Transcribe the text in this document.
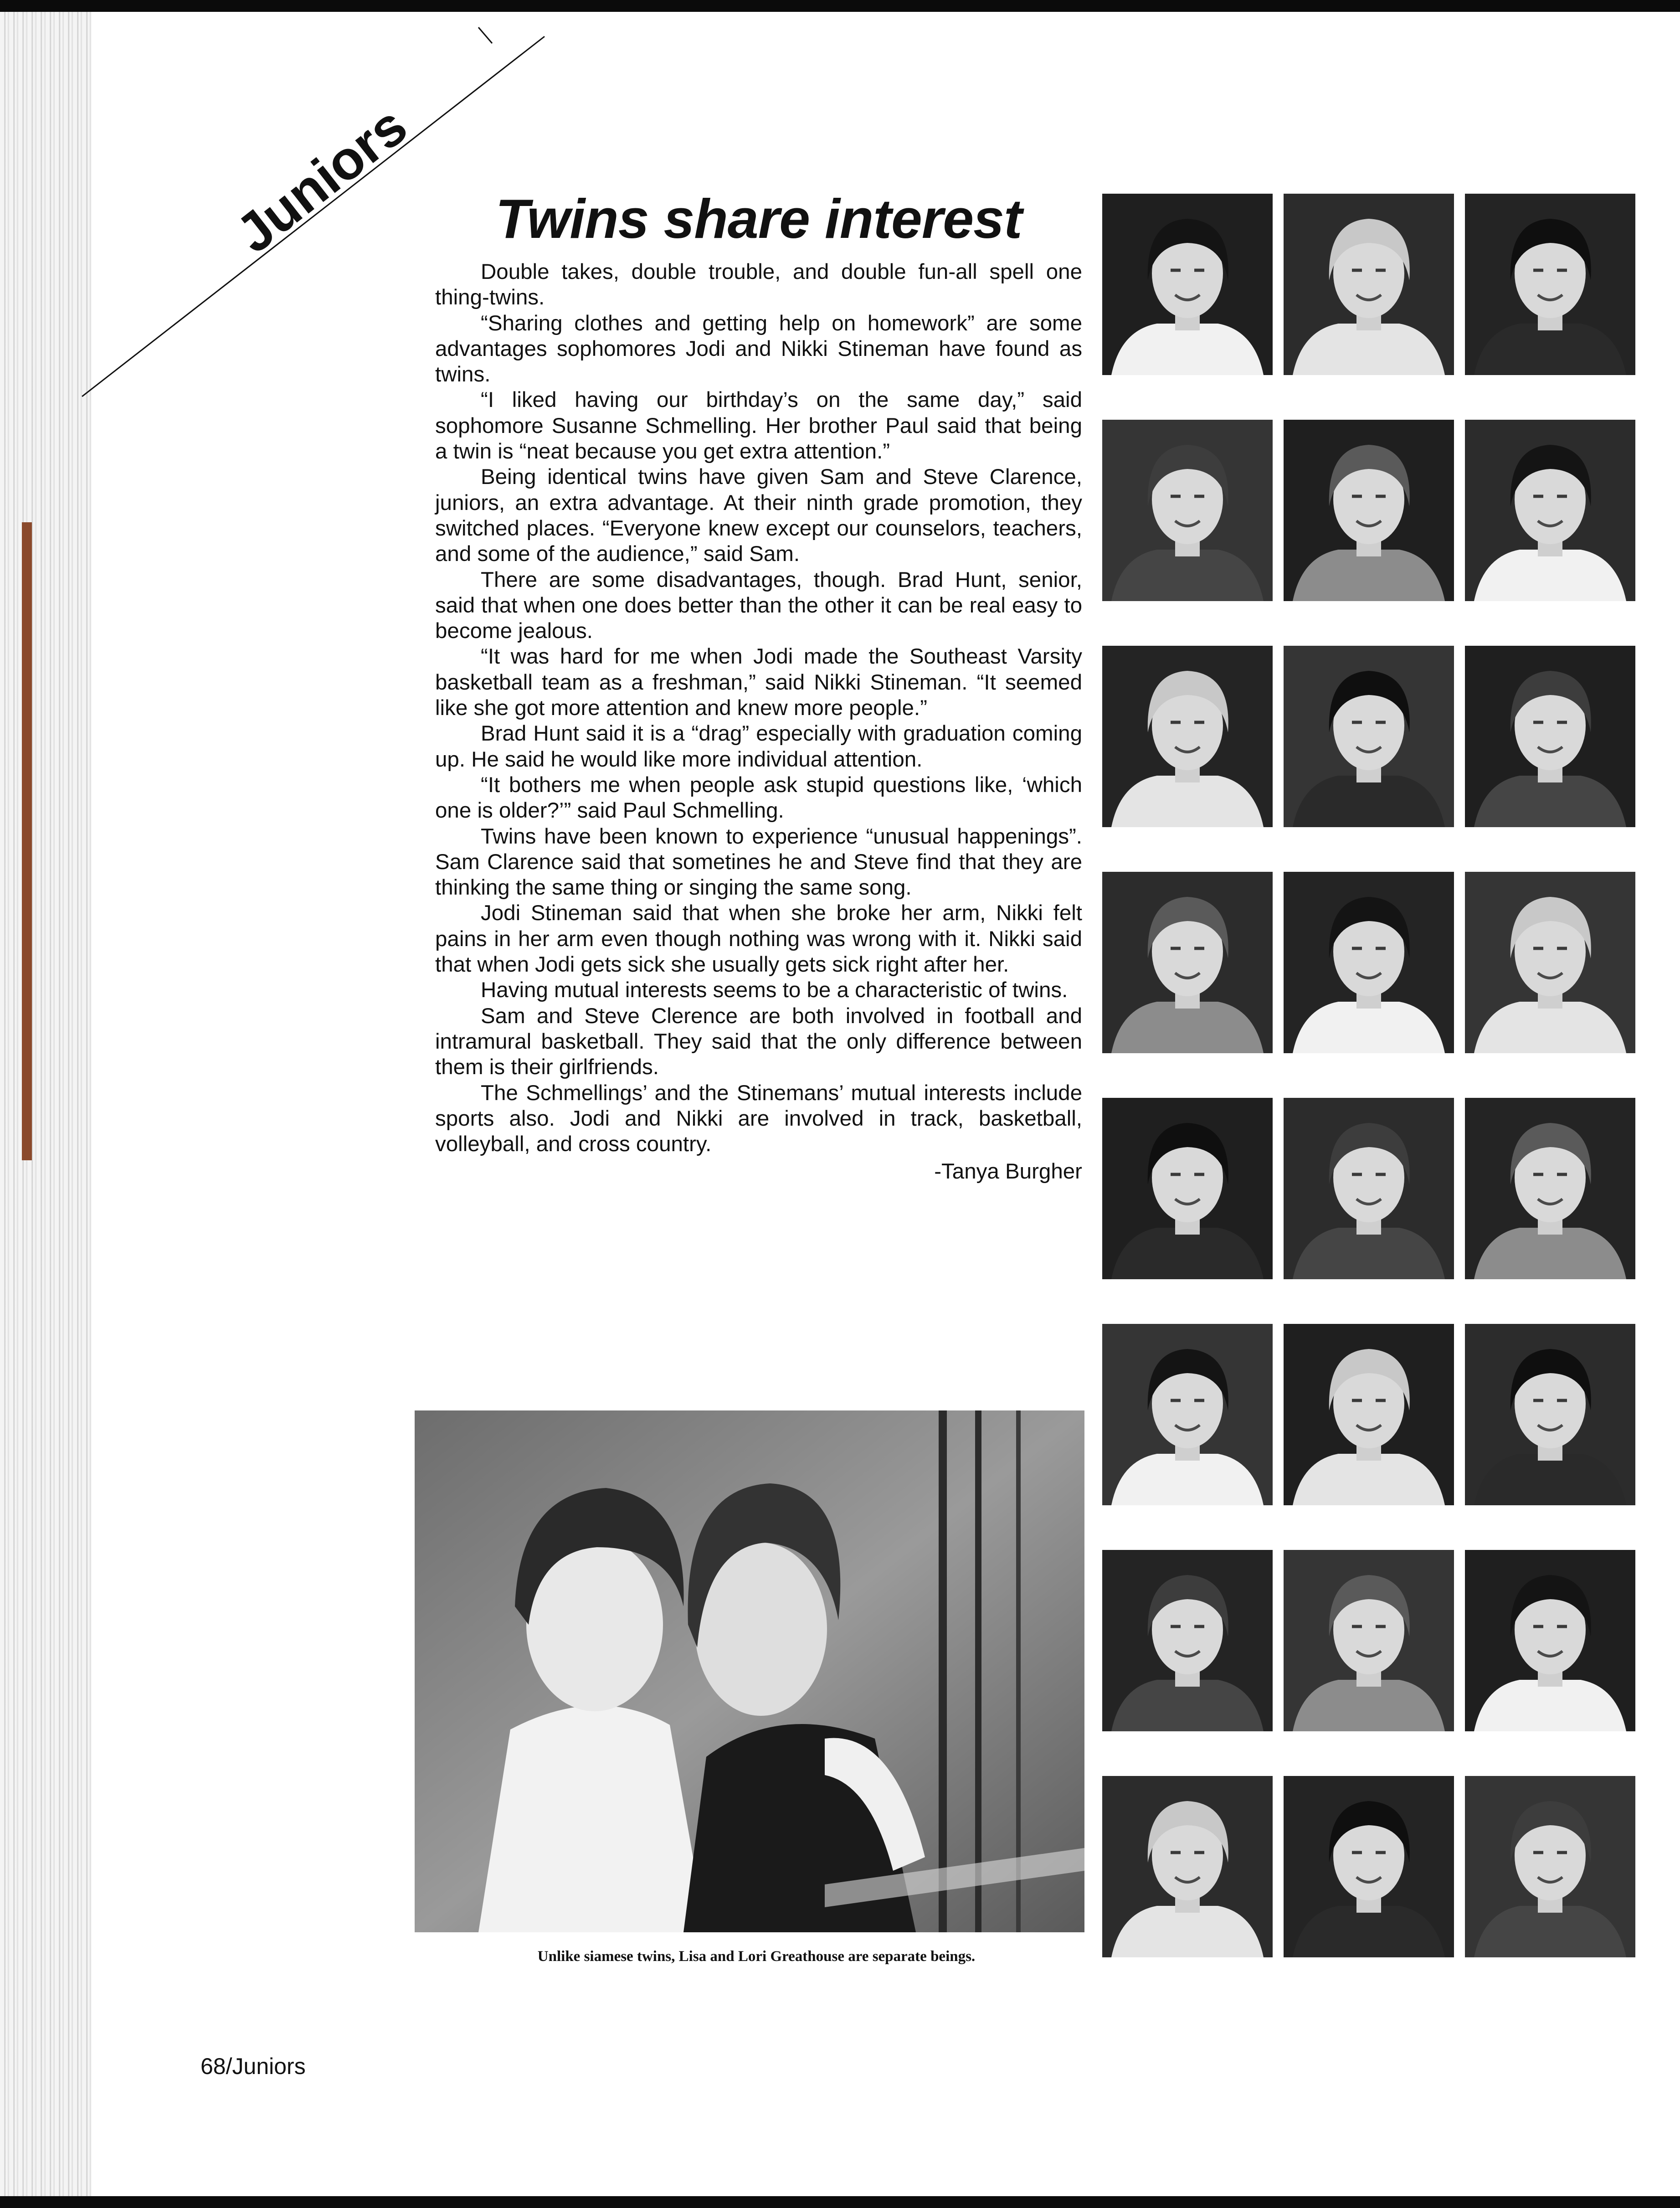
Juniors	Twins share interest

Double takes, double trouble, and double fun-all spell one thing-twins.

“Sharing clothes and getting help on homework” are some advantages sophomores Jodi and Nikki Stineman have found as twins.

“I liked having our birthday’s on the same day,” said sophomore Susanne Schmelling. Her brother Paul said that being a twin is “neat because you get extra attention.”

Being identical twins have given Sam and Steve Clarence, juniors, an extra advantage. At their ninth grade promotion, they switched places. “Everyone knew except our counselors, teachers, and some of the audience,” said Sam.

There are some disadvantages, though. Brad Hunt, senior, said that when one does better than the other it can be real easy to become jealous.

“It was hard for me when Jodi made the Southeast Varsity basketball team as a freshman,” said Nikki Stineman. “It seemed like she got more attention and knew more people.”

Brad Hunt said it is a “drag” especially with graduation coming up. He said he would like more individual attention.

“It bothers me when people ask stupid questions like, ‘which one is older?’” said Paul Schmelling.

Twins have been known to experience “unusual happenings”. Sam Clarence said that sometines he and Steve find that they are thinking the same thing or singing the same song.

Jodi Stineman said that when she broke her arm, Nikki felt pains in her arm even though nothing was wrong with it. Nikki said that when Jodi gets sick she usually gets sick right after her.

Having mutual interests seems to be a characteristic of twins.

Sam and Steve Clerence are both involved in football and intramural basketball. They said that the only difference between them is their girlfriends.

The Schmellings’ and the Stinemans’ mutual interests include sports also. Jodi and Nikki are involved in track, basketball, volleyball, and cross country.

-Tanya Burgher
Unlike siamese twins, Lisa and Lori Greathouse are separate beings.
68/Juniors
